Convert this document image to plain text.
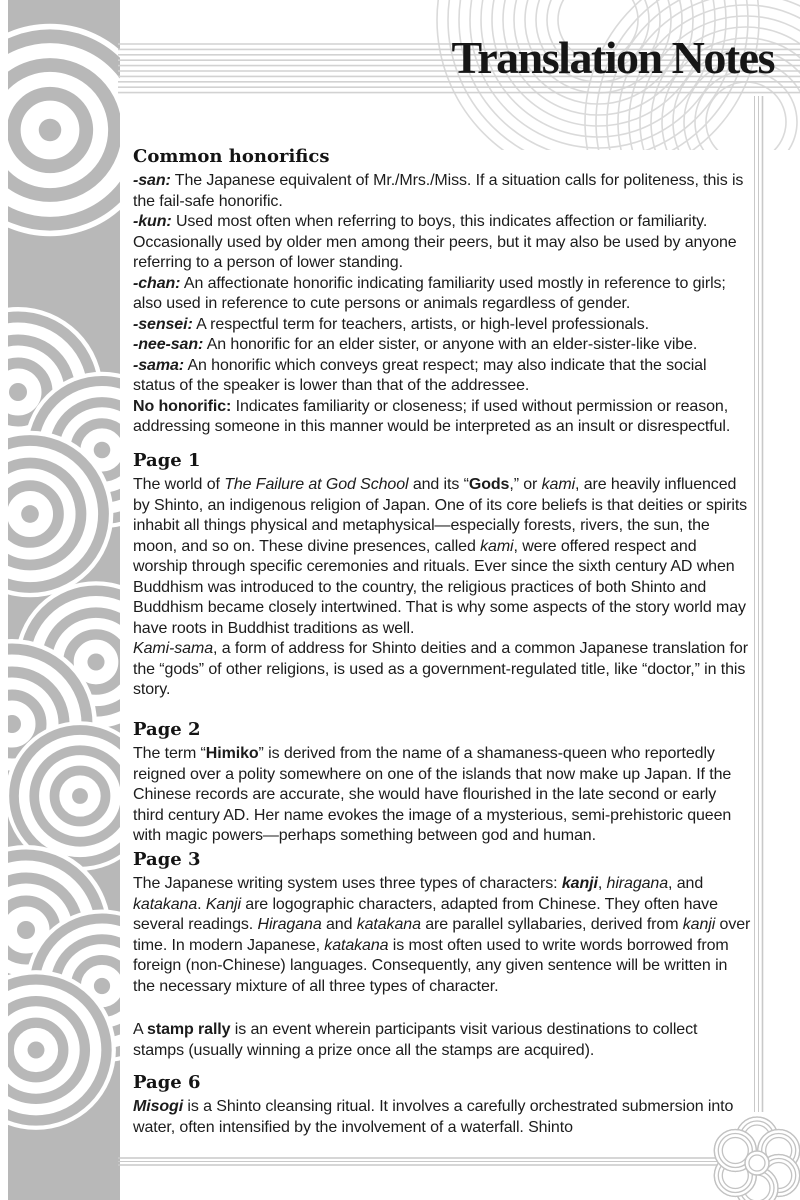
Translation Notes
Common honorifics

-san: The Japanese equivalent of Mr./Mrs./Miss. If a situation calls for politeness, this is the fail-safe honorific.

-kun: Used most often when referring to boys, this indicates affection or familiarity. Occasionally used by older men among their peers, but it may also be used by anyone referring to a person of lower standing.

-chan: An affectionate honorific indicating familiarity used mostly in reference to girls; also used in reference to cute persons or animals regardless of gender.

-sensei: A respectful term for teachers, artists, or high-level professionals.

-nee-san: An honorific for an elder sister, or anyone with an elder-sister-like vibe.

-sama: An honorific which conveys great respect; may also indicate that the social status of the speaker is lower than that of the addressee.

No honorific: Indicates familiarity or closeness; if used without permission or reason, addressing someone in this manner would be interpreted as an insult or disrespectful.

Page 1

The world of The Failure at God School and its “Gods,” or kami, are heavily influenced by Shinto, an indigenous religion of Japan. One of its core beliefs is that deities or spirits inhabit all things physical and metaphysical—especially forests, rivers, the sun, the moon, and so on. These divine presences, called kami, were offered respect and worship through specific ceremonies and rituals. Ever since the sixth century AD when Buddhism was introduced to the country, the religious practices of both Shinto and Buddhism became closely intertwined. That is why some aspects of the story world may have roots in Buddhist traditions as well.

Kami-sama, a form of address for Shinto deities and a common Japanese translation for the “gods” of other religions, is used as a government-regulated title, like “doctor,” in this story.

Page 2

The term “Himiko” is derived from the name of a shamaness-queen who reportedly reigned over a polity somewhere on one of the islands that now make up Japan. If the Chinese records are accurate, she would have flourished in the late second or early third century AD. Her name evokes the image of a mysterious, semi-prehistoric queen with magic powers—perhaps something between god and human.

Page 3

The Japanese writing system uses three types of characters: kanji, hiragana, and katakana. Kanji are logographic characters, adapted from Chinese. They often have several readings. Hiragana and katakana are parallel syllabaries, derived from kanji over time. In modern Japanese, katakana is most often used to write words borrowed from foreign (non-Chinese) languages. Consequently, any given sentence will be written in the necessary mixture of all three types of character.

A stamp rally is an event wherein participants visit various destinations to collect stamps (usually winning a prize once all the stamps are acquired).

Page 6

Misogi is a Shinto cleansing ritual. It involves a carefully orchestrated submersion into water, often intensified by the involvement of a waterfall. Shinto
